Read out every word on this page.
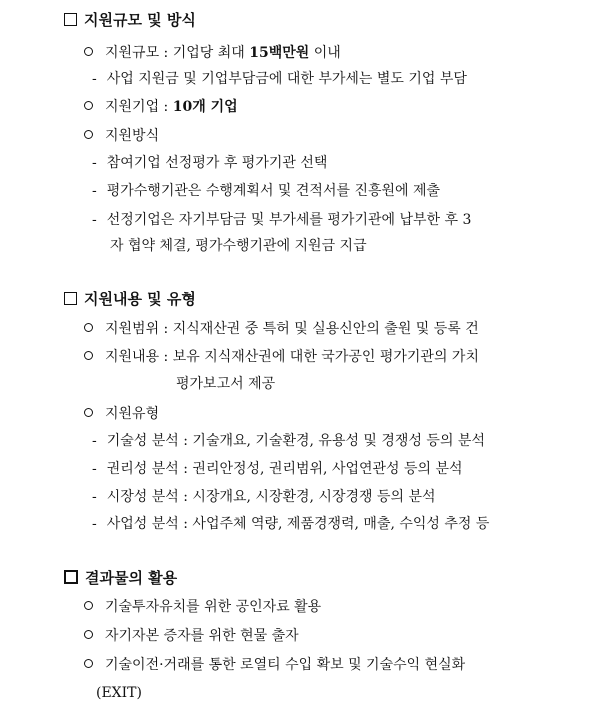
지원규모 및 방식
지원규모 : 기업당 최대 15백만원 이내
- 사업 지원금 및 기업부담금에 대한 부가세는 별도 기업 부담
지원기업 : 10개 기업
지원방식
- 참여기업 선정평가 후 평가기관 선택
- 평가수행기관은 수행계획서 및 견적서를 진흥원에 제출
- 선정기업은 자기부담금 및 부가세를 평가기관에 납부한 후 3
자 협약 체결, 평가수행기관에 지원금 지급
지원내용 및 유형
지원범위 : 지식재산권 중 특허 및 실용신안의 출원 및 등록 건
지원내용 : 보유 지식재산권에 대한 국가공인 평가기관의 가치
평가보고서 제공
지원유형
- 기술성 분석 : 기술개요, 기술환경, 유용성 및 경쟁성 등의 분석
- 권리성 분석 : 권리안정성, 권리범위, 사업연관성 등의 분석
- 시장성 분석 : 시장개요, 시장환경, 시장경쟁 등의 분석
- 사업성 분석 : 사업주체 역량, 제품경쟁력, 매출, 수익성 추정 등
결과물의 활용
기술투자유치를 위한 공인자료 활용
자기자본 증자를 위한 현물 출자
기술이전·거래를 통한 로열티 수입 확보 및 기술수익 현실화
(EXIT)
